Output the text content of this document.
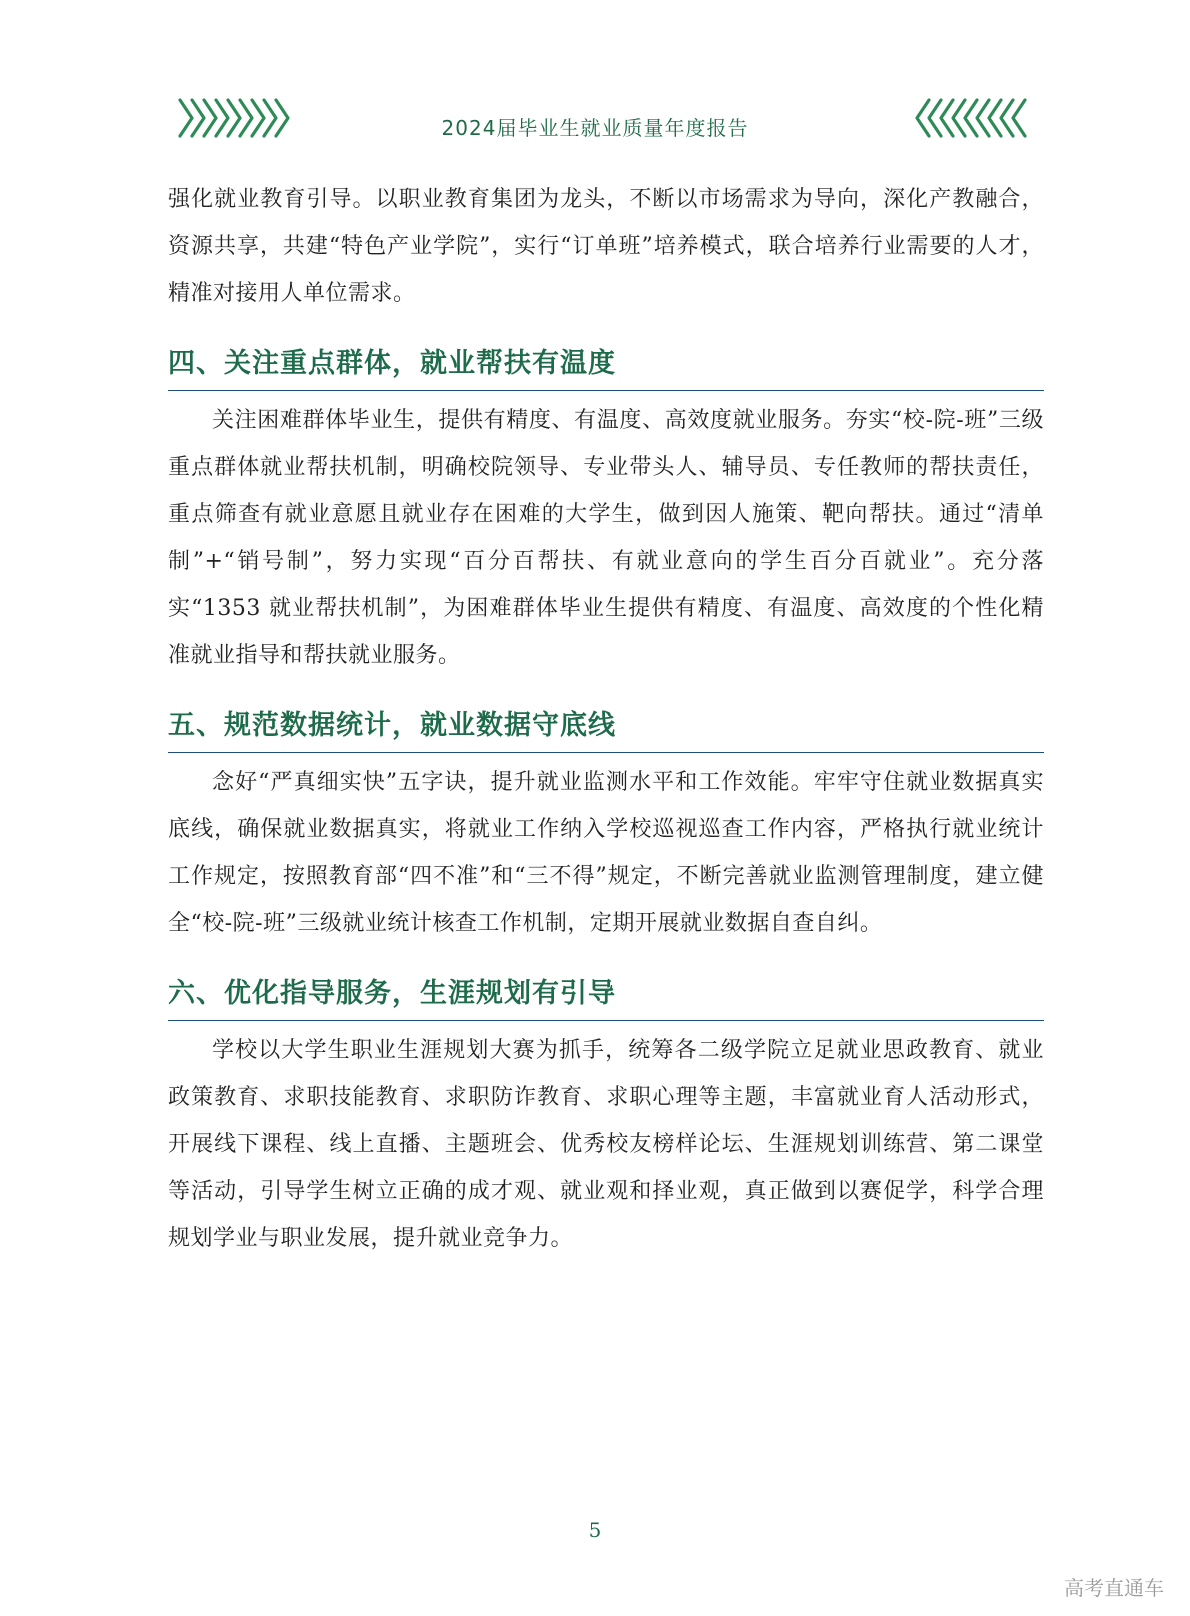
2024届毕业生就业质量年度报告

强化就业教育引导。以职业教育集团为龙头，不断以市场需求为导向，深化产教融合，资源共享，共建“特色产业学院”，实行“订单班”培养模式，联合培养行业需要的人才，精准对接用人单位需求。

四、关注重点群体，就业帮扶有温度

关注困难群体毕业生，提供有精度、有温度、高效度就业服务。夯实“校-院-班”三级重点群体就业帮扶机制，明确校院领导、专业带头人、辅导员、专任教师的帮扶责任，重点筛查有就业意愿且就业存在困难的大学生，做到因人施策、靶向帮扶。通过“清单制”+“销号制”，努力实现“百分百帮扶、有就业意向的学生百分百就业”。充分落实“1353 就业帮扶机制”，为困难群体毕业生提供有精度、有温度、高效度的个性化精准就业指导和帮扶就业服务。

五、规范数据统计，就业数据守底线

念好“严真细实快”五字诀，提升就业监测水平和工作效能。牢牢守住就业数据真实底线，确保就业数据真实，将就业工作纳入学校巡视巡查工作内容，严格执行就业统计工作规定，按照教育部“四不准”和“三不得”规定，不断完善就业监测管理制度，建立健全“校-院-班”三级就业统计核查工作机制，定期开展就业数据自查自纠。

六、优化指导服务，生涯规划有引导

学校以大学生职业生涯规划大赛为抓手，统筹各二级学院立足就业思政教育、就业政策教育、求职技能教育、求职防诈教育、求职心理等主题，丰富就业育人活动形式，开展线下课程、线上直播、主题班会、优秀校友榜样论坛、生涯规划训练营、第二课堂等活动，引导学生树立正确的成才观、就业观和择业观，真正做到以赛促学，科学合理规划学业与职业发展，提升就业竞争力。

5
高考直通车
